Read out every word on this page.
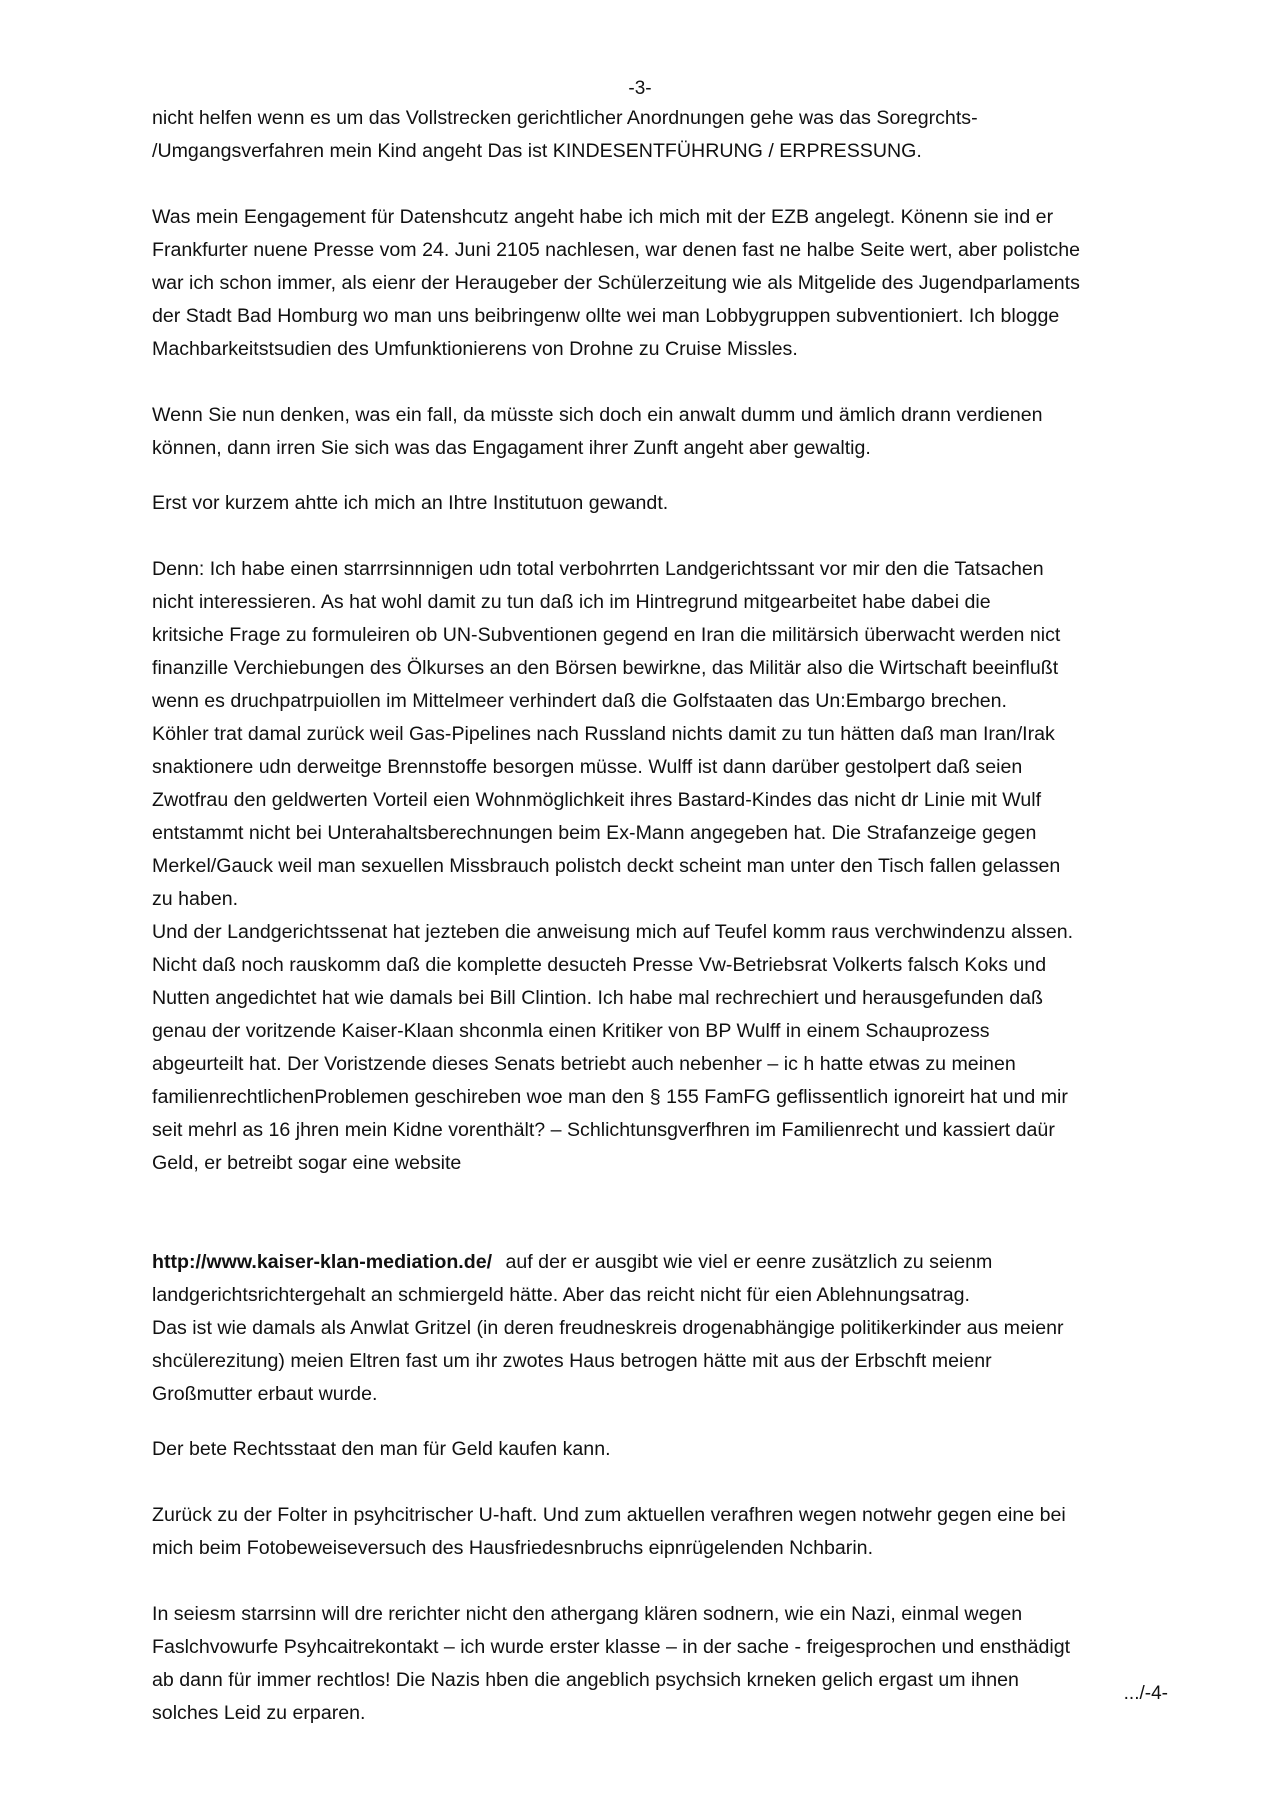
-3-
nicht helfen wenn es um das Vollstrecken gerichtlicher Anordnungen gehe was das Soregrchts-
/Umgangsverfahren mein Kind angeht Das ist KINDESENTFÜHRUNG / ERPRESSUNG.
Was mein Eengagement für Datenshcutz angeht habe ich mich mit der EZB angelegt. Könenn sie ind er
Frankfurter nuene Presse vom 24. Juni 2105 nachlesen, war denen fast ne halbe Seite wert, aber polistche
war ich schon immer, als eienr der Heraugeber der Schülerzeitung wie als Mitgelide des Jugendparlaments
der Stadt Bad Homburg wo man uns beibringenw ollte wei man Lobbygruppen subventioniert. Ich blogge
Machbarkeitstsudien des Umfunktionierens von Drohne zu Cruise Missles.
Wenn Sie nun denken, was ein fall, da müsste sich doch ein anwalt dumm und ämlich drann verdienen
können, dann irren Sie sich was das Engagament ihrer Zunft angeht aber gewaltig.
Erst vor kurzem ahtte ich mich an Ihtre Institutuon gewandt.
Denn: Ich habe einen starrrsinnnigen udn total verbohrrten Landgerichtssant vor mir den die Tatsachen
nicht interessieren. As hat wohl damit zu tun daß ich im Hintregrund mitgearbeitet habe dabei die
kritsiche Frage zu formuleiren ob UN-Subventionen gegend en Iran die militärsich überwacht werden nict
finanzille Verchiebungen des Ölkurses an den Börsen bewirkne, das Militär also die Wirtschaft beeinflußt
wenn es druchpatrpuiollen im Mittelmeer verhindert daß die Golfstaaten das Un:Embargo brechen.
Köhler trat damal zurück weil Gas-Pipelines nach Russland nichts damit zu tun hätten daß man Iran/Irak
snaktionere udn derweitge Brennstoffe besorgen müsse. Wulff ist dann darüber gestolpert daß seien
Zwotfrau den geldwerten Vorteil eien Wohnmöglichkeit ihres Bastard-Kindes das nicht dr Linie mit Wulf
entstammt nicht bei Unterahaltsberechnungen beim Ex-Mann angegeben hat. Die Strafanzeige gegen
Merkel/Gauck weil man sexuellen Missbrauch polistch deckt scheint man unter den Tisch fallen gelassen
zu haben.
Und der Landgerichtssenat hat jezteben die anweisung mich auf Teufel komm raus verchwindenzu alssen.
Nicht daß noch rauskomm daß die komplette desucteh Presse Vw-Betriebsrat Volkerts falsch Koks und
Nutten angedichtet hat wie damals bei Bill Clintion. Ich habe mal rechrechiert und herausgefunden daß
genau der voritzende Kaiser-Klaan shconmla einen Kritiker von BP Wulff in einem Schauprozess
abgeurteilt hat. Der Voristzende dieses Senats betriebt auch nebenher – ic h hatte etwas zu meinen
familienrechtlichenProblemen geschireben woe man den § 155 FamFG geflissentlich ignoreirt hat und mir
seit mehrl as 16 jhren mein Kidne vorenthält? – Schlichtunsgverfhren im Familienrecht und kassiert daür
Geld, er betreibt sogar eine website
http://www.kaiser-klan-mediation.de/ auf der er ausgibt wie viel er eenre zusätzlich zu seienm
landgerichtsrichtergehalt an schmiergeld hätte. Aber das reicht nicht für eien Ablehnungsatrag.
Das ist wie damals als Anwlat Gritzel (in deren freudneskreis drogenabhängige politikerkinder aus meienr
shcülerezitung) meien Eltren fast um ihr zwotes Haus betrogen hätte mit aus der Erbschft meienr
Großmutter erbaut wurde.
Der bete Rechtsstaat den man für Geld kaufen kann.
Zurück zu der Folter in psyhcitrischer U-haft. Und zum aktuellen verafhren wegen notwehr gegen eine bei
mich beim Fotobeweiseversuch des Hausfriedesnbruchs eipnrügelenden Nchbarin.
In seiesm starrsinn will dre rerichter nicht den athergang klären sodnern, wie ein Nazi, einmal wegen
Faslchvowurfe Psyhcaitrekontakt – ich wurde erster klasse – in der sache - freigesprochen und ensthädigt
ab dann für immer rechtlos! Die Nazis hben die angeblich psychsich krneken gelich ergast um ihnen
solches Leid zu erparen.
.../-4-
